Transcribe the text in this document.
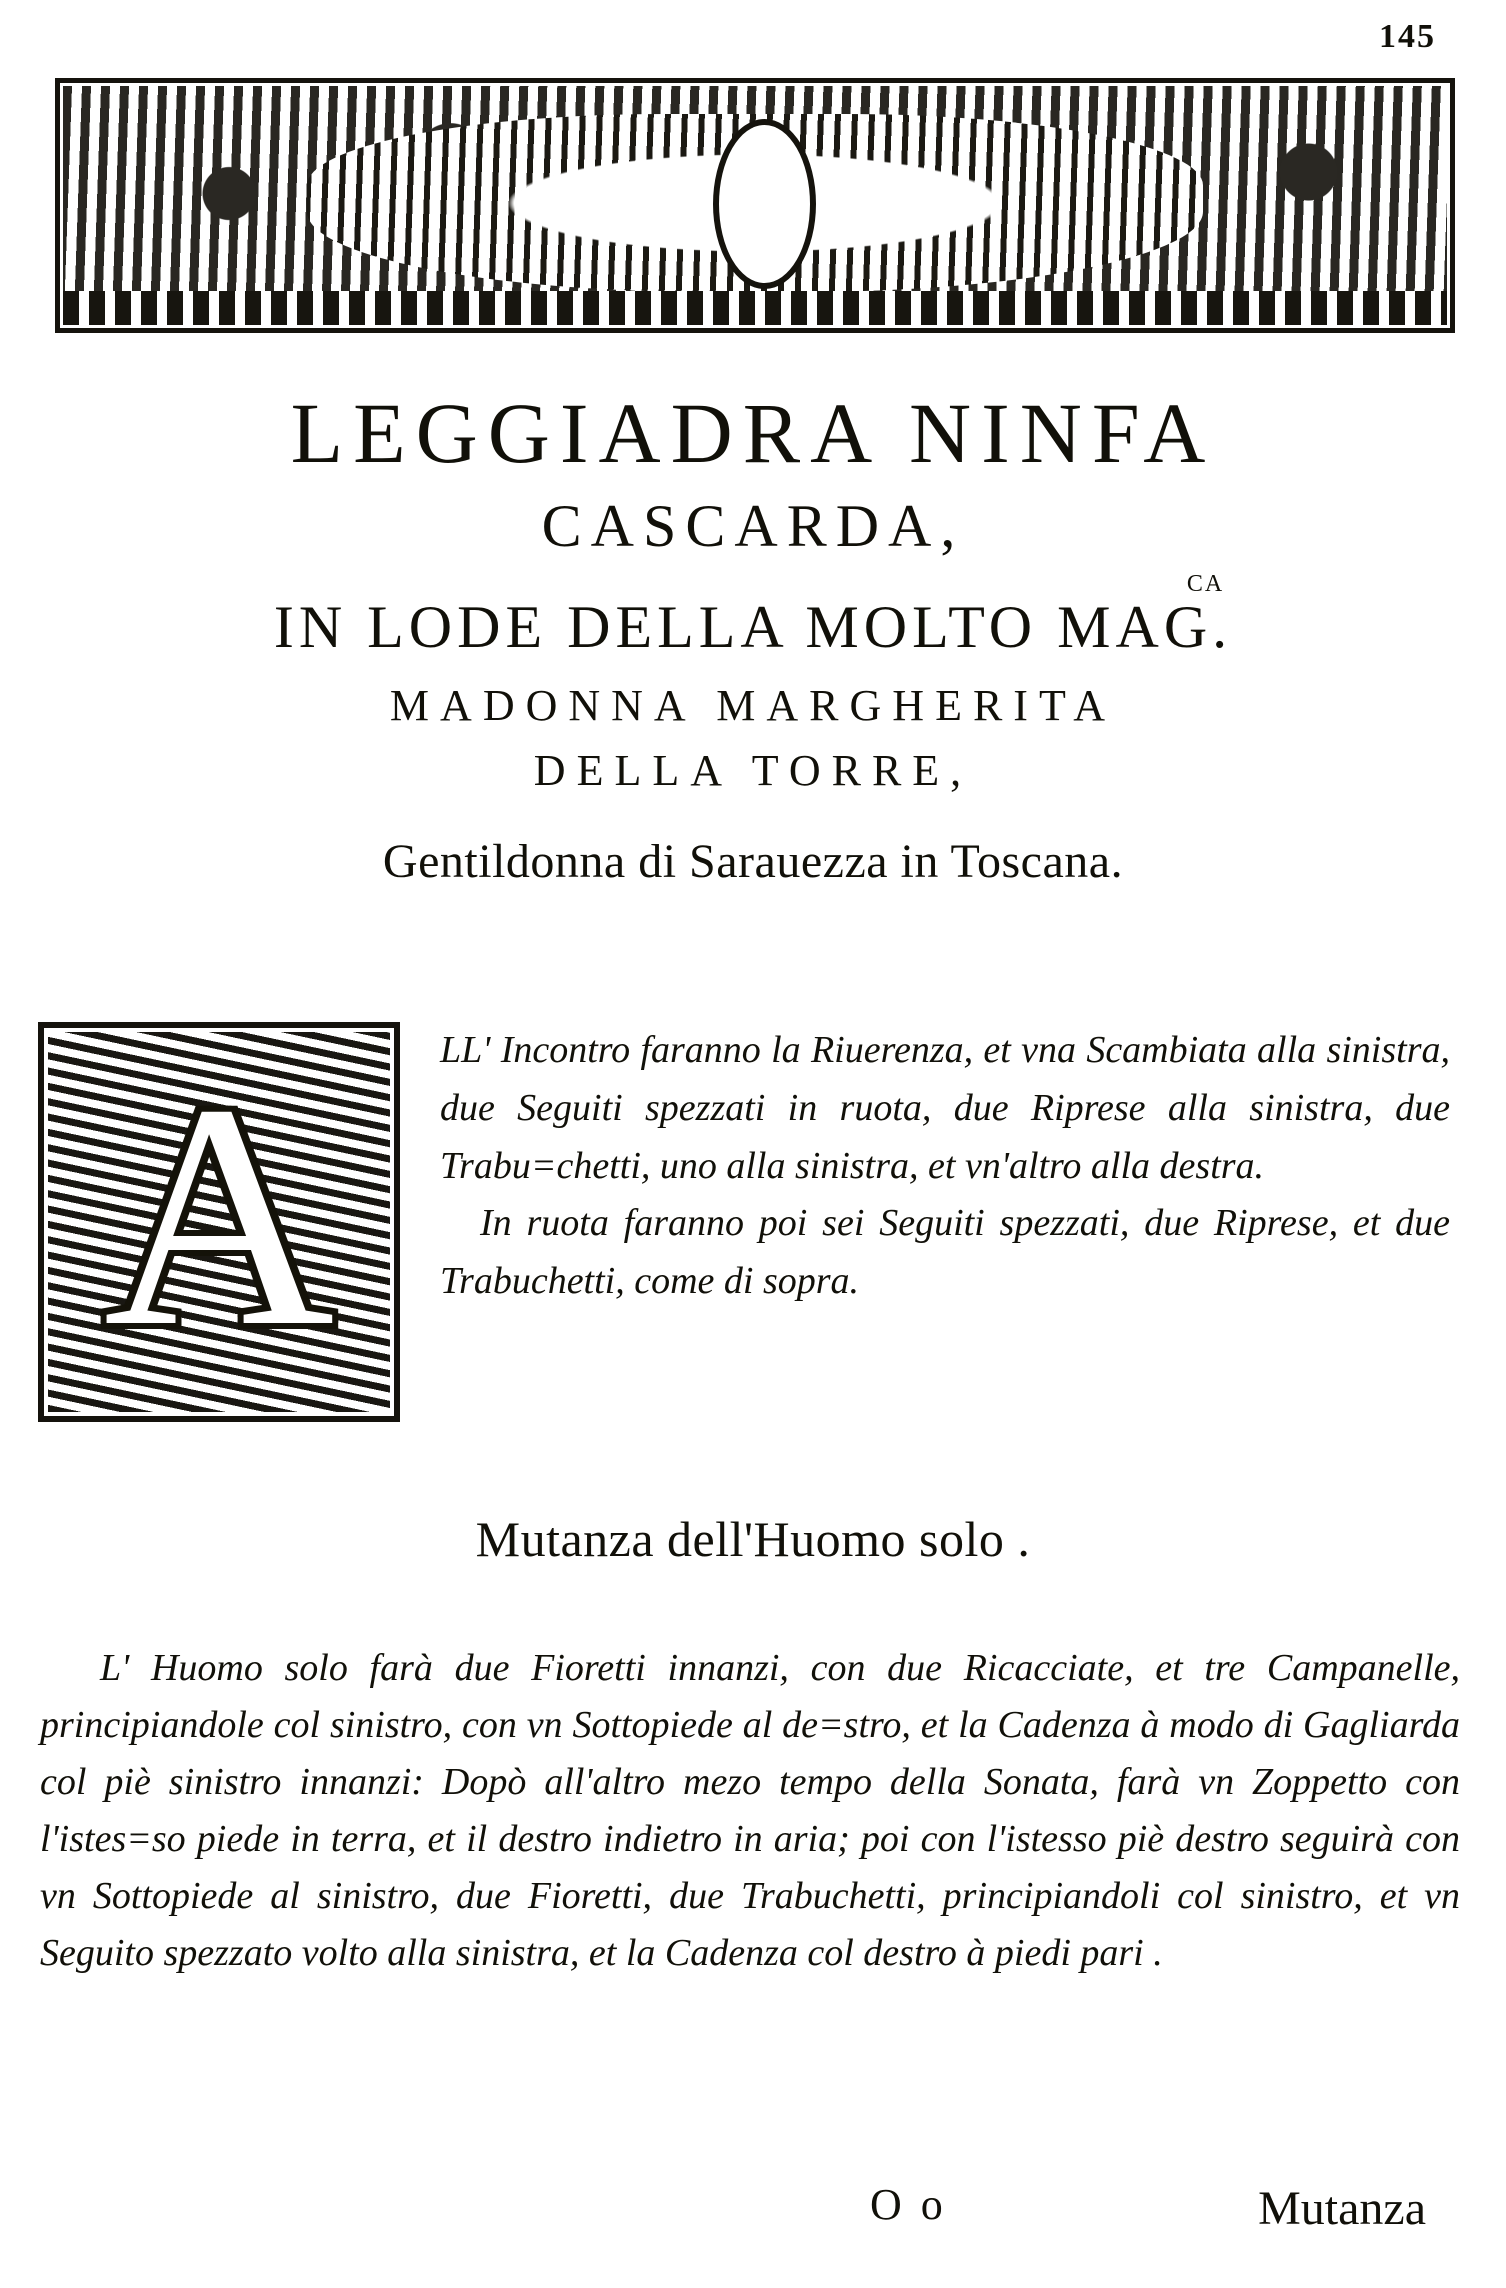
145
LEGGIADRA NINFA
CASCARDA,
IN LODE DELLA MOLTO MAG.
CA
MADONNA MARGHERITA
DELLA TORRE,
Gentildonna di Sarauezza in Toscana.
A	LL' Incontro faranno la Riuerenza, et vna Scambiata alla sinistra, due Seguiti spezzati in ruota, due Riprese alla sinistra, due Trabu=chetti, uno alla sinistra, et vn'altro alla destra.
In ruota faranno poi sei Seguiti spezzati, due Riprese, et due Trabuchetti, come di sopra.
Mutanza dell'Huomo solo .
L' Huomo solo farà due Fioretti innanzi, con due Ricacciate, et tre Campanelle, principiandole col sinistro, con vn Sottopiede al de=stro, et la Cadenza à modo di Gagliarda col piè sinistro innanzi: Dopò all'altro mezo tempo della Sonata, farà vn Zoppetto con l'istes=so piede in terra, et il destro indietro in aria; poi con l'istesso piè destro seguirà con vn Sottopiede al sinistro, due Fioretti, due Trabuchetti, principiandoli col sinistro, et vn Seguito spezzato volto alla sinistra, et la Cadenza col destro à piedi pari .
O o	Mutanza
